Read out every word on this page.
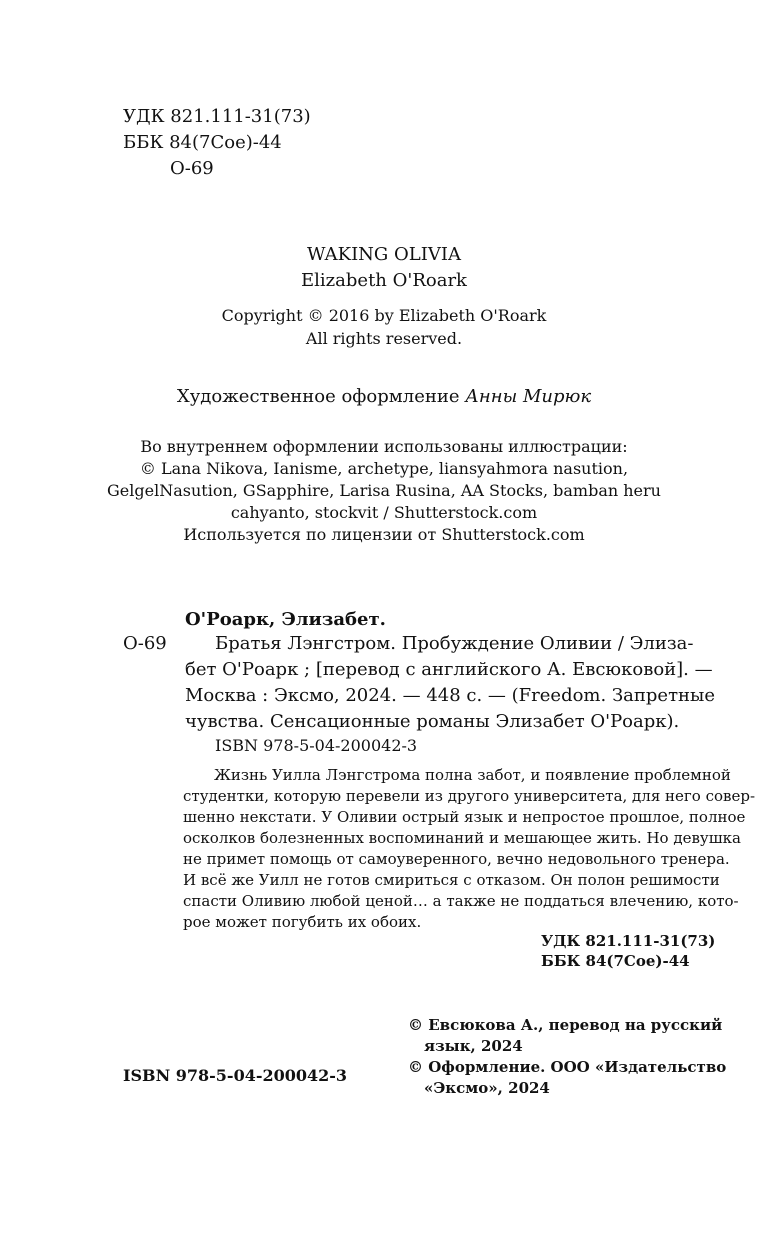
УДК 821.111-31(73)
ББК 84(7Сое)-44
О-69
WAKING OLIVIA
Elizabeth O'Roark
Copyright © 2016 by Elizabeth O'Roark
All rights reserved.
Художественное оформление Анны Мирюк
Во внутреннем оформлении использованы иллюстрации:
© Lana Nikova, Ianisme, archetype, liansyahmora nasution,
GelgelNasution, GSapphire, Larisa Rusina, AA Stocks, bamban heru
cahyanto, stockvit / Shutterstock.com
Используется по лицензии от Shutterstock.com
О'Роарк, Элизабет.
О-69	Братья Лэнгстром. Пробуждение Оливии / Элиза-
бет О'Роарк ; [перевод с английского А. Евсюковой]. —
Москва : Эксмо, 2024. — 448 с. — (Freedom. Запретные
чувства. Сенсационные романы Элизабет О'Роарк).
ISBN 978-5-04-200042-3
Жизнь Уилла Лэнгстрома полна забот, и появление проблемной
студентки, которую перевели из другого университета, для него совер-
шенно некстати. У Оливии острый язык и непростое прошлое, полное
осколков болезненных воспоминаний и мешающее жить. Но девушка
не примет помощь от самоуверенного, вечно недовольного тренера.
И всё же Уилл не готов смириться с отказом. Он полон решимости
спасти Оливию любой ценой… а также не поддаться влечению, кото-
рое может погубить их обоих.
УДК 821.111-31(73)
ББК 84(7Сое)-44
ISBN 978-5-04-200042-3
© Евсюкова А., перевод на русский
язык, 2024
© Оформление. ООО «Издательство
«Эксмо», 2024
